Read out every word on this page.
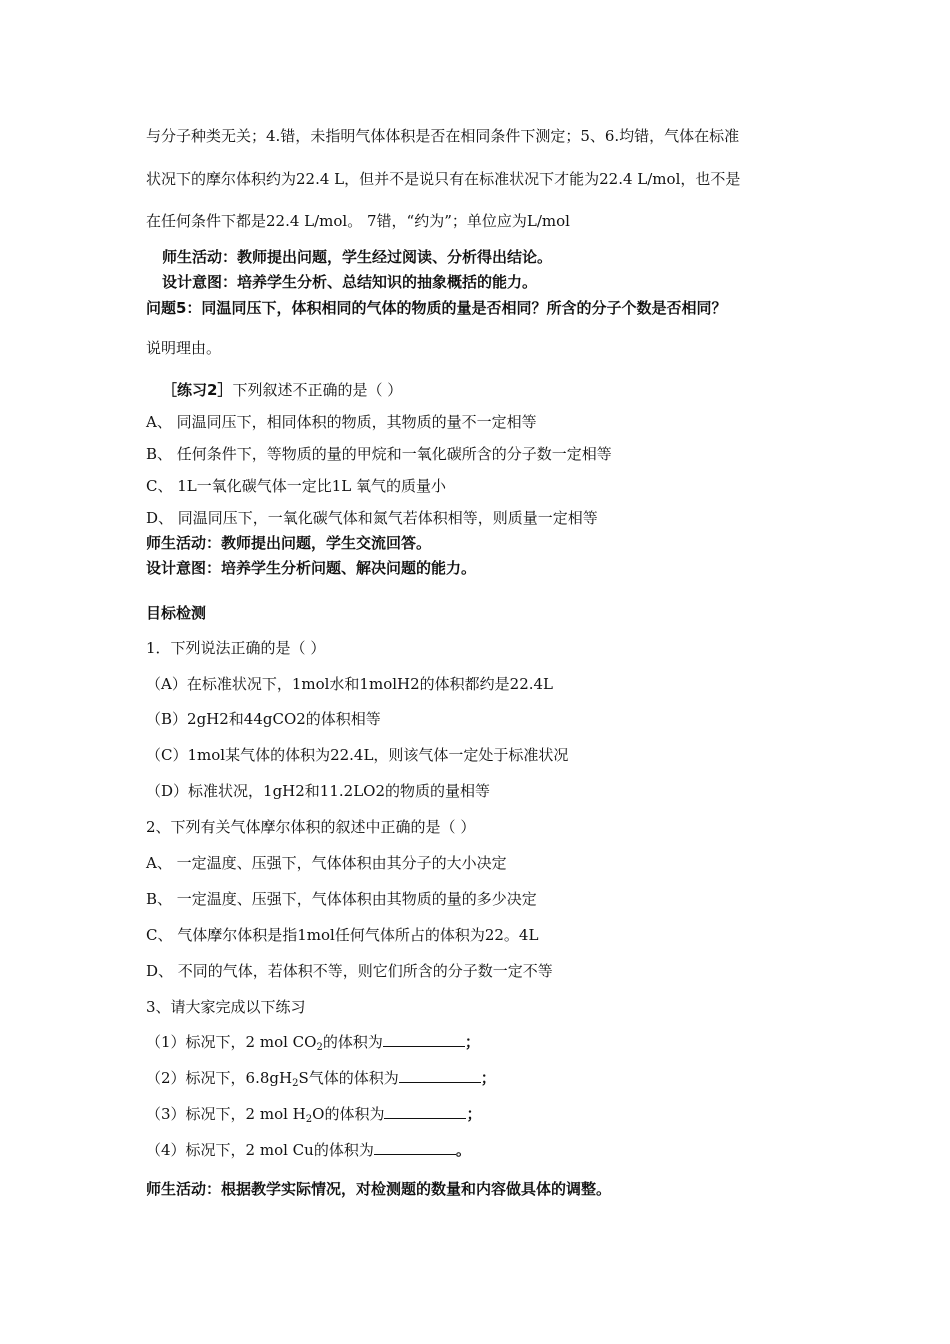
与分子种类无关；4.错，未指明气体体积是否在相同条件下测定；5、6.均错，气体在标准
状况下的摩尔体积约为22.4 L，但并不是说只有在标准状况下才能为22.4 L/mol，也不是
在任何条件下都是22.4 L/mol。 7错，“约为”；单位应为L/mol
师生活动：教师提出问题，学生经过阅读、分析得出结论。
设计意图：培养学生分析、总结知识的抽象概括的能力。
问题5：同温同压下，体积相同的气体的物质的量是否相同？所含的分子个数是否相同？
说明理由。
［练习2］下列叙述不正确的是（ ）
A、 同温同压下，相同体积的物质，其物质的量不一定相等
B、 任何条件下，等物质的量的甲烷和一氧化碳所含的分子数一定相等
C、 1L一氧化碳气体一定比1L 氧气的质量小
D、 同温同压下，一氧化碳气体和氮气若体积相等，则质量一定相等
师生活动：教师提出问题，学生交流回答。
设计意图：培养学生分析问题、解决问题的能力。
目标检测
1．下列说法正确的是（ ）
（A）在标准状况下，1mol水和1molH2的体积都约是22.4L
（B）2gH2和44gCO2的体积相等
（C）1mol某气体的体积为22.4L，则该气体一定处于标准状况
（D）标准状况，1gH2和11.2LO2的物质的量相等
2、下列有关气体摩尔体积的叙述中正确的是（ ）
A、 一定温度、压强下，气体体积由其分子的大小决定
B、 一定温度、压强下，气体体积由其物质的量的多少决定
C、 气体摩尔体积是指1mol任何气体所占的体积为22。4L
D、 不同的气体，若体积不等，则它们所含的分子数一定不等
3、请大家完成以下练习
（1）标况下，2 mol $CO_2$的体积为	；
（2）标况下，$6.8gH_2S$气体的体积为	；
（3）标况下，2 mol $H_2O$的体积为	；
（4）标况下，2 mol Cu的体积为	。
师生活动：根据教学实际情况，对检测题的数量和内容做具体的调整。
